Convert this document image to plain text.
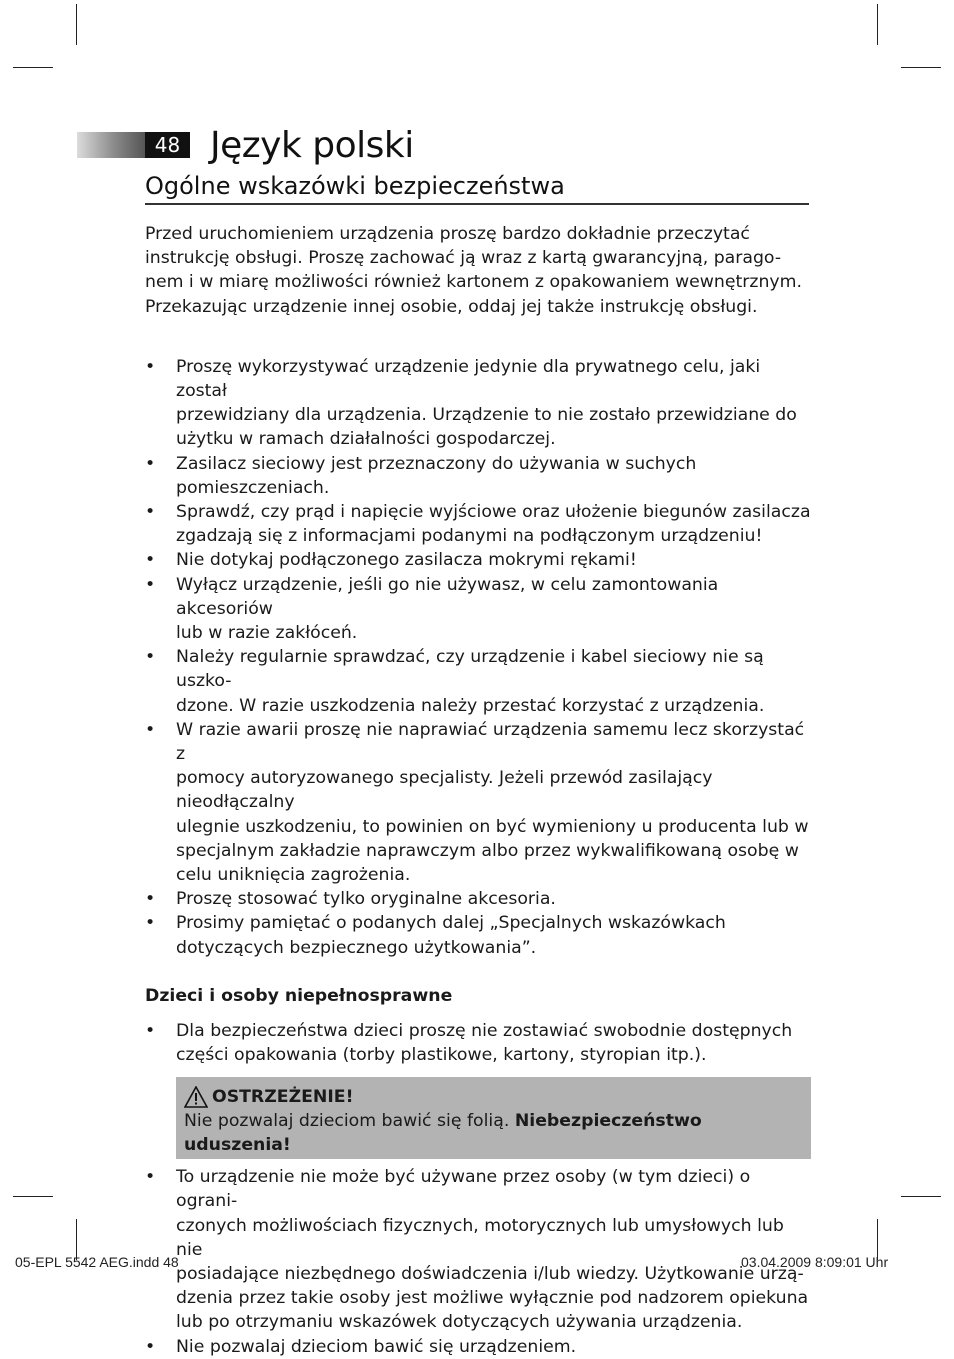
48 Język polski
Ogólne wskazówki bezpieczeństwa

Przed uruchomieniem urządzenia proszę bardzo dokładnie przeczytać
instrukcję obsługi. Proszę zachować ją wraz z kartą gwarancyjną, parago-
nem i w miarę możliwości również kartonem z opakowaniem wewnętrznym.
Przekazując urządzenie innej osobie, oddaj jej także instrukcję obsługi.

• Proszę wykorzystywać urządzenie jedynie dla prywatnego celu, jaki został
przewidziany dla urządzenia. Urządzenie to nie zostało przewidziane do
użytku w ramach działalności gospodarczej.
• Zasilacz sieciowy jest przeznaczony do używania w suchych pomieszczeniach.
• Sprawdź, czy prąd i napięcie wyjściowe oraz ułożenie biegunów zasilacza
zgadzają się z informacjami podanymi na podłączonym urządzeniu!
• Nie dotykaj podłączonego zasilacza mokrymi rękami!
• Wyłącz urządzenie, jeśli go nie używasz, w celu zamontowania akcesoriów
lub w razie zakłóceń.
• Należy regularnie sprawdzać, czy urządzenie i kabel sieciowy nie są uszko-
dzone. W razie uszkodzenia należy przestać korzystać z urządzenia.
• W razie awarii proszę nie naprawiać urządzenia samemu lecz skorzystać z
pomocy autoryzowanego specjalisty. Jeżeli przewód zasilający nieodłączalny
ulegnie uszkodzeniu, to powinien on być wymieniony u producenta lub w
specjalnym zakładzie naprawczym albo przez wykwalifikowaną osobę w
celu uniknięcia zagrożenia.
• Proszę stosować tylko oryginalne akcesoria.
• Prosimy pamiętać o podanych dalej „Specjalnych wskazówkach
dotyczących bezpiecznego użytkowania”.

Dzieci i osoby niepełnosprawne

• Dla bezpieczeństwa dzieci proszę nie zostawiać swobodnie dostępnych
części opakowania (torby plastikowe, kartony, styropian itp.).
OSTRZEŻENIE!
Nie pozwalaj dzieciom bawić się folią. Niebezpieczeństwo uduszenia!
• To urządzenie nie może być używane przez osoby (w tym dzieci) o ograni-
czonych możliwościach fizycznych, motorycznych lub umysłowych lub nie
posiadające niezbędnego doświadczenia i/lub wiedzy. Użytkowanie urzą-
dzenia przez takie osoby jest możliwe wyłącznie pod nadzorem opiekuna
lub po otrzymaniu wskazówek dotyczących używania urządzenia.
• Nie pozwalaj dzieciom bawić się urządzeniem.
05-EPL 5542 AEG.indd 48	03.04.2009 8:09:01 Uhr
